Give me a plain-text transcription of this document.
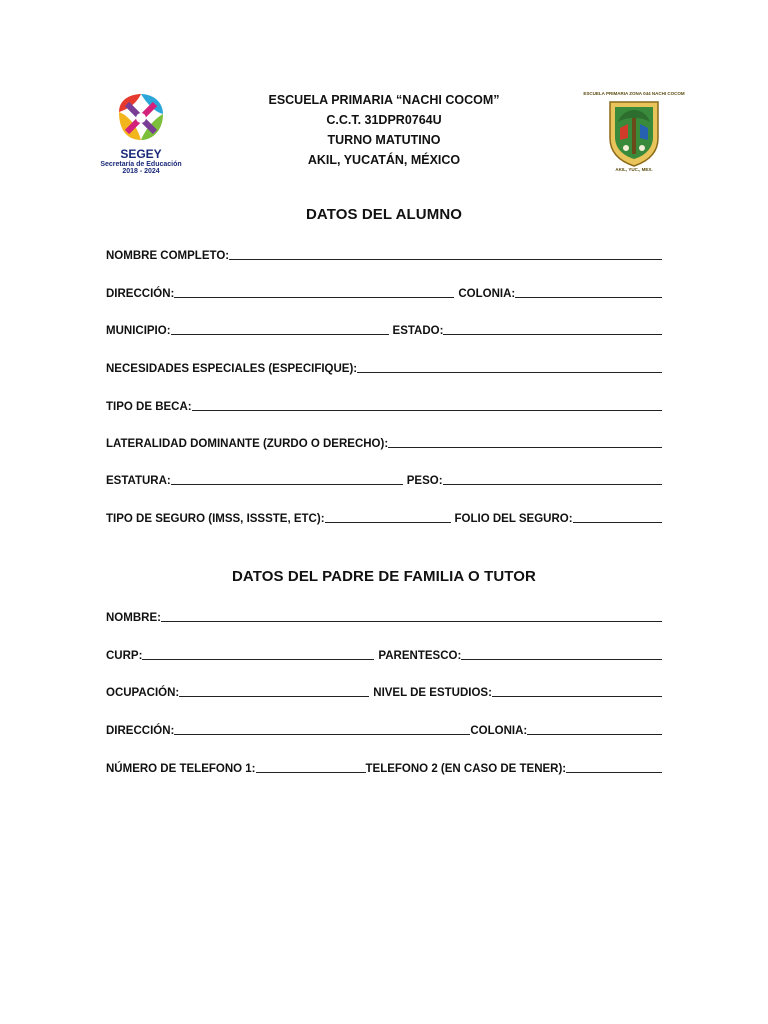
SEGEY
Secretaría de Educación
2018 - 2024
ESCUELA PRIMARIA ZONA 044 NACHI COCOM
AKIL, YUC., MEX.
ESCUELA PRIMARIA “NACHI COCOM”
C.C.T. 31DPR0764U
TURNO MATUTINO
AKIL, YUCATÁN, MÉXICO
DATOS DEL ALUMNO
NOMBRE COMPLETO:
DIRECCIÓN:	COLONIA:
MUNICIPIO:	ESTADO:
NECESIDADES ESPECIALES (ESPECIFIQUE):
TIPO DE BECA:
LATERALIDAD DOMINANTE (ZURDO O DERECHO):
ESTATURA:	PESO:
TIPO DE SEGURO (IMSS, ISSSTE, ETC):	FOLIO DEL SEGURO:
DATOS DEL PADRE DE FAMILIA O TUTOR
NOMBRE:
CURP:	PARENTESCO:
OCUPACIÓN:	NIVEL DE ESTUDIOS:
DIRECCIÓN:	COLONIA:
NÚMERO DE TELEFONO 1:	TELEFONO 2 (EN CASO DE TENER):
